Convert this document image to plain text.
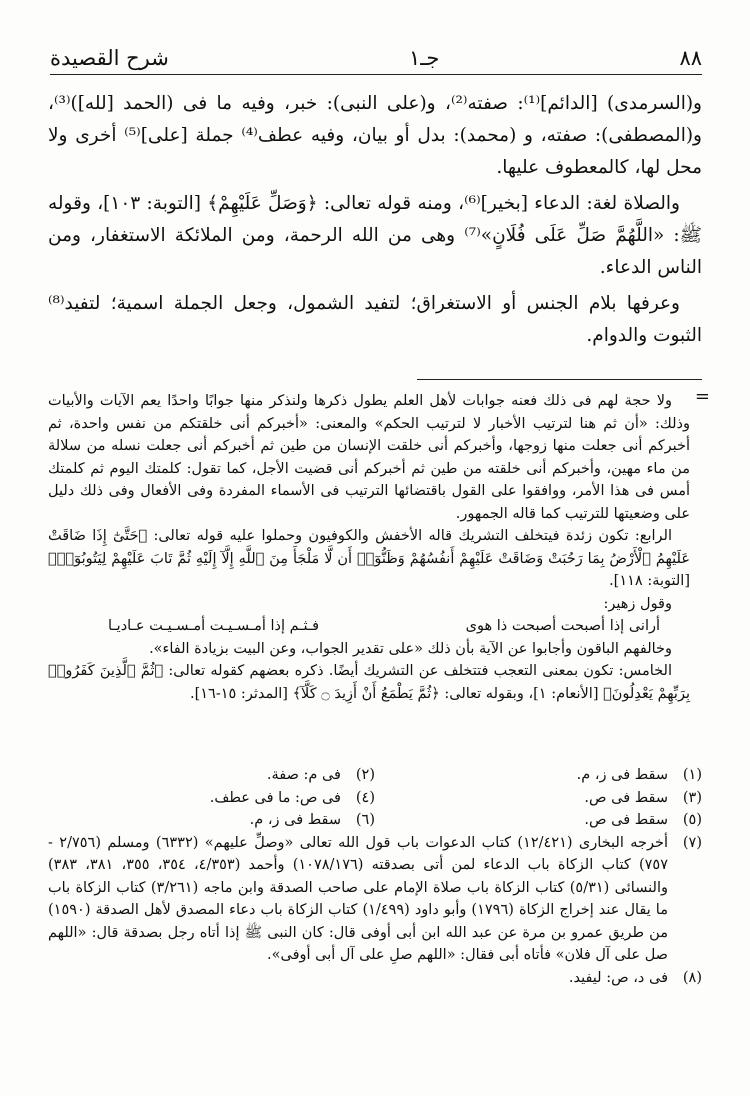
٨٨
جـ١
شرح القصيدة

و(السرمدى) [الدائم]⁽¹⁾: صفته⁽²⁾، و(على النبى): خبر، وفيه ما فى (الحمد [لله])⁽³⁾، و(المصطفى): صفته، و (محمد): بدل أو بيان، وفيه عطف⁽⁴⁾ جملة [على]⁽⁵⁾ أخرى ولا محل لها، كالمعطوف عليها.

والصلاة لغة: الدعاء [بخير]⁽⁶⁾، ومنه قوله تعالى: ﴿وَصَلِّ عَلَيْهِمْ﴾ [التوبة: ١٠٣]، وقوله ﷺ: «اللَّهُمَّ صَلِّ عَلَى فُلَانٍ»⁽⁷⁾ وهى من الله الرحمة، ومن الملائكة الاستغفار، ومن الناس الدعاء.

وعرفها بلام الجنس أو الاستغراق؛ لتفيد الشمول، وجعل الجملة اسمية؛ لتفيد⁽⁸⁾ الثبوت والدوام.

=

ولا حجة لهم فى ذلك فعنه جوابات لأهل العلم يطول ذكرها ولنذكر منها جوابًا واحدًا يعم الآيات والأبيات وذلك: «أن ثم هنا لترتيب الأخبار لا لترتيب الحكم» والمعنى: «أخبركم أنى خلقتكم من نفس واحدة، ثم أخبركم أنى جعلت منها زوجها، وأخبركم أنى خلقت الإنسان من طين ثم أخبركم أنى جعلت نسله من سلالة من ماء مهين، وأخبركم أنى خلقته من طين ثم أخبركم أنى قضيت الأجل، كما تقول: كلمتك اليوم ثم كلمتك أمس فى هذا الأمر، ووافقوا على القول باقتضائها الترتيب فى الأسماء المفردة وفى الأفعال وفى ذلك دليل على وضعيتها للترتيب كما قاله الجمهور.

الرابع: تكون زئدة فيتخلف التشريك قاله الأخفش والكوفيون وحملوا عليه قوله تعالى: ﴿حَتَّىٰٓ إِذَا ضَاقَتْ عَلَيْهِمُ ٱلْأَرْضُ بِمَا رَحُبَتْ وَضَاقَتْ عَلَيْهِمْ أَنفُسُهُمْ وَظَنُّوٓا۟ أَن لَّا مَلْجَأَ مِنَ ٱللَّهِ إِلَّآ إِلَيْهِ ثُمَّ تَابَ عَلَيْهِمْ لِيَتُوبُوٓا۟﴾ [التوبة: ١١٨].

وقول زهير:

أرانى إذا أصبحت أصبحت ذا هوى
فـثـم إذا أمـسـيـت أمـسـيـت عـاديـا

وخالفهم الباقون وأجابوا عن الآية بأن ذلك «على تقدير الجواب، وعن البيت بزيادة الفاء».

الخامس: تكون بمعنى التعجب فتتخلف عن التشريك أيضًا. ذكره بعضهم كقوله تعالى: ﴿ثُمَّ ٱلَّذِينَ كَفَرُوا۟ بِرَبِّهِمْ يَعْدِلُونَ﴾ [الأنعام: ١]، وبقوله تعالى: ﴿ثُمَّ يَطْمَعُ أَنْ أَزِيدَ ۝ كَلَّآ﴾ [المدثر: ١٥-١٦].

(١)
سقط فى ز، م.
(٢)
فى م: صفة.
(٣)
سقط فى ص.
(٤)
فى ص: ما فى عطف.
(٥)
سقط فى ص.
(٦)
سقط فى ز، م.
(٧)
أخرجه البخارى (١٢/٤٢١) كتاب الدعوات باب قول الله تعالى «وصلِّ عليهم» (٦٣٣٢) ومسلم (٢/٧٥٦ - ٧٥٧) كتاب الزكاة باب الدعاء لمن أتى بصدقته (١٠٧٨/١٧٦) وأحمد (٤/٣٥٣، ٣٥٤، ٣٥٥، ٣٨١، ٣٨٣) والنسائى (٥/٣١) كتاب الزكاة باب صلاة الإمام على صاحب الصدقة وابن ماجه (٣/٢٦١) كتاب الزكاة باب ما يقال عند إخراج الزكاة (١٧٩٦) وأبو داود (١/٤٩٩) كتاب الزكاة باب دعاء المصدق لأهل الصدقة (١٥٩٠) من طريق عمرو بن مرة عن عبد الله ابن أبى أوفى قال: كان النبى ﷺ إذا أتاه رجل بصدقة قال: «اللهم صل على آل فلان» فأتاه أبى فقال: «اللهم صلِ على آل أبى أوفى».
(٨)
فى د، ص: ليفيد.
